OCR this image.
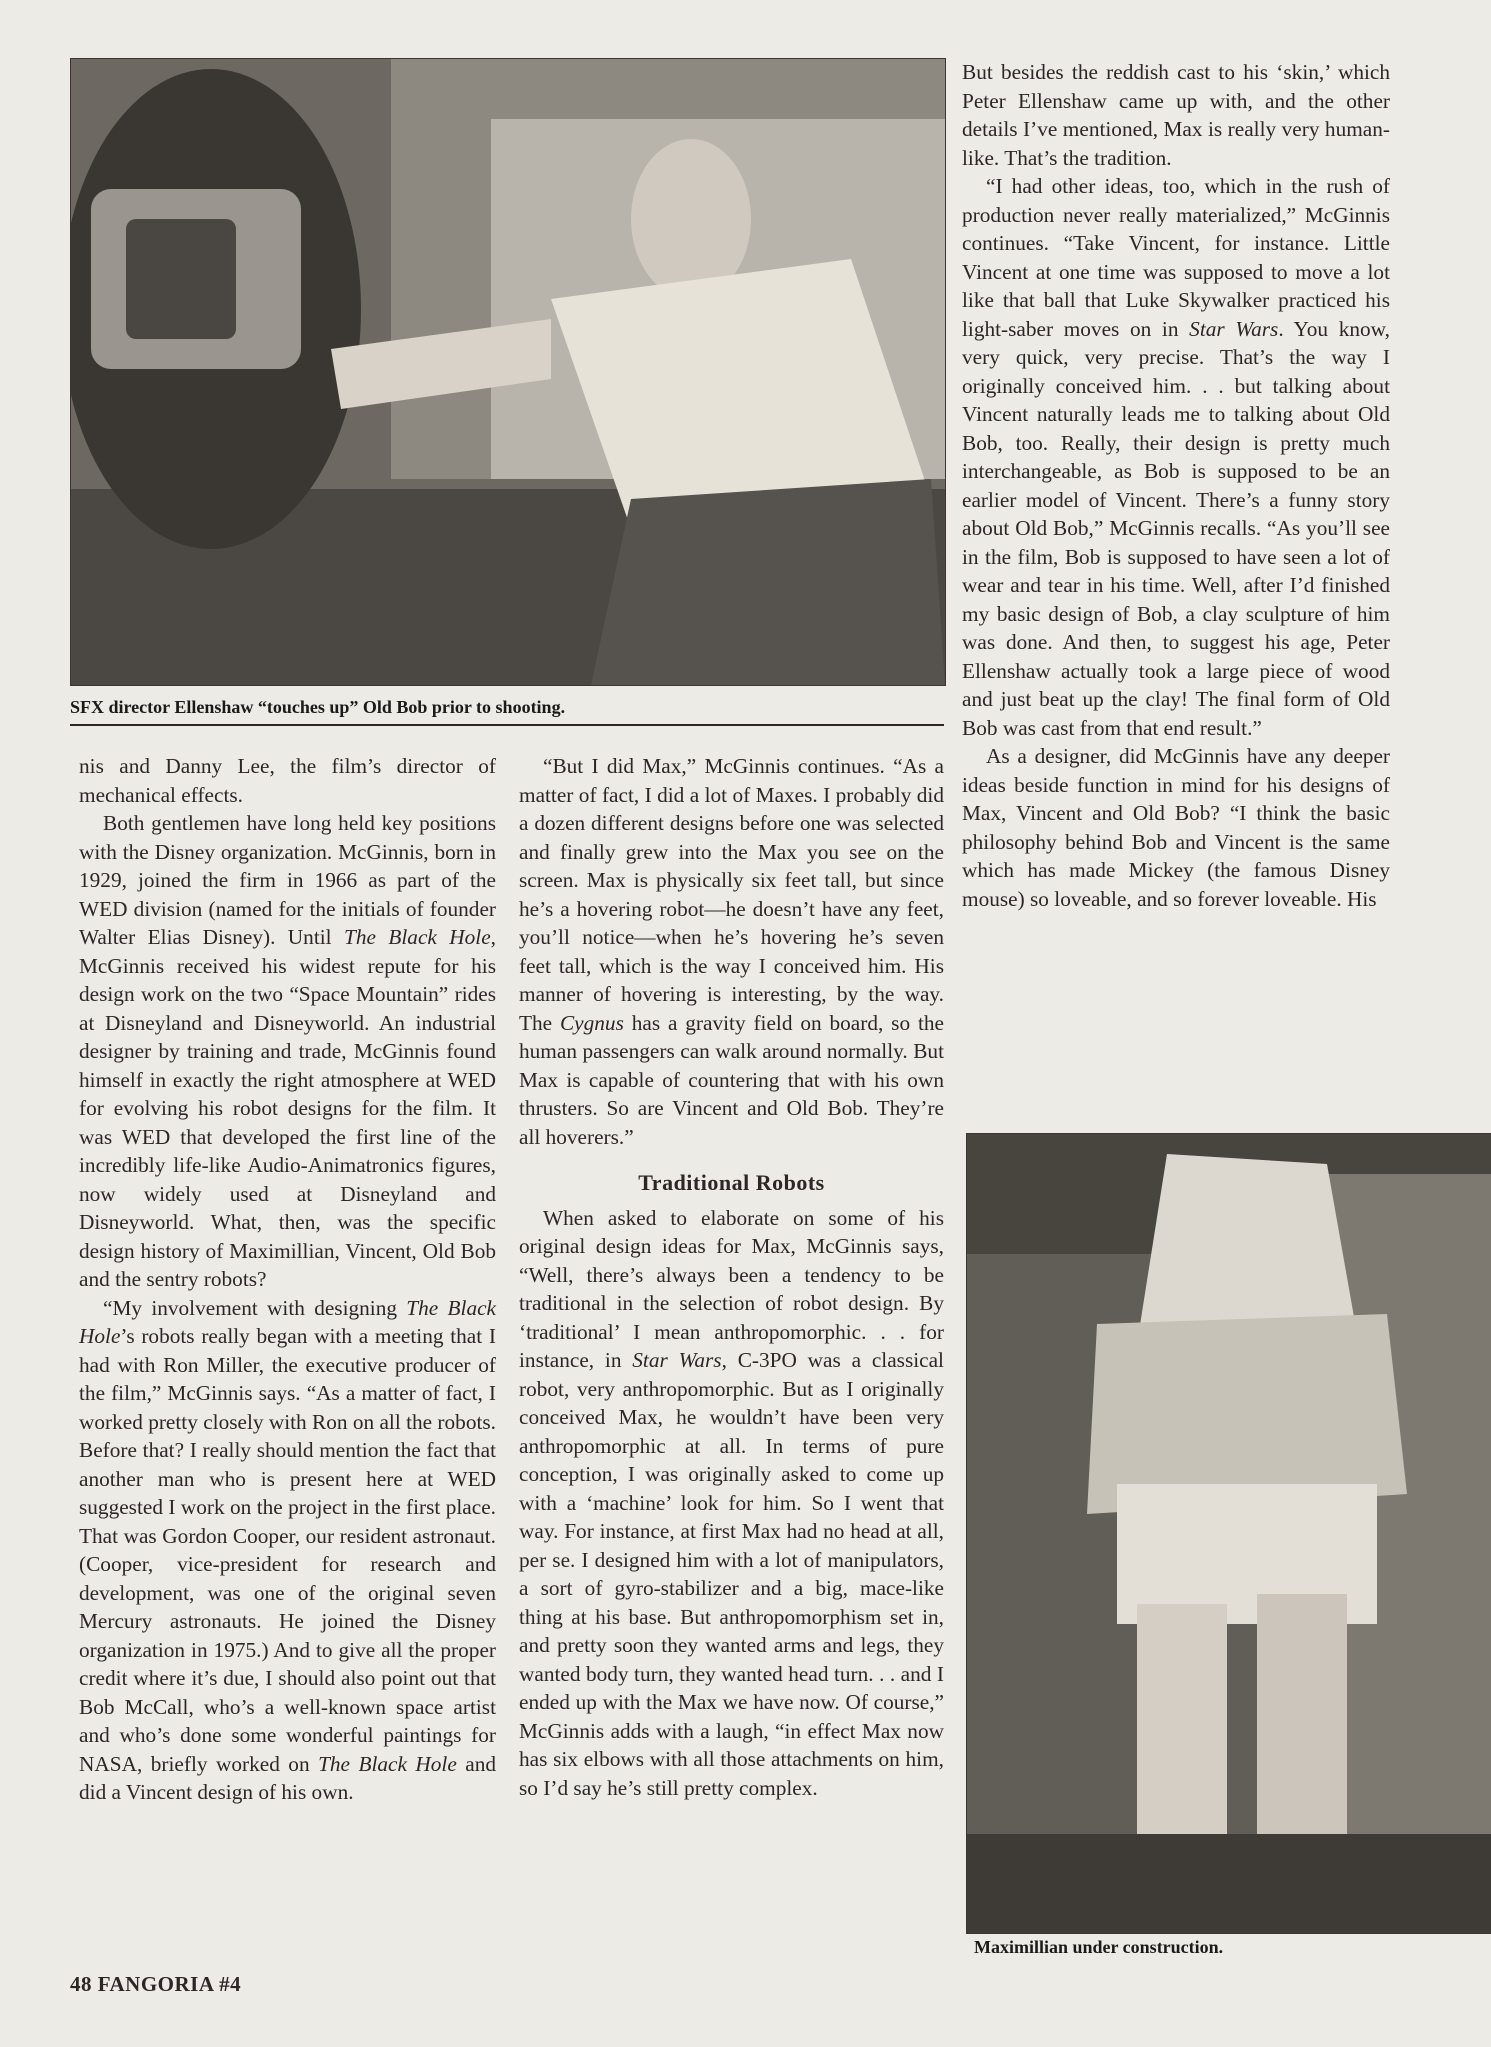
SFX director Ellenshaw “touches up” Old Bob prior to shooting.
Maximillian under construction.

nis and Danny Lee, the film’s director of mechanical effects.

Both gentlemen have long held key positions with the Disney organization. McGinnis, born in 1929, joined the firm in 1966 as part of the WED division (named for the initials of founder Walter Elias Disney). Until The Black Hole, McGinnis received his widest repute for his design work on the two “Space Mountain” rides at Disneyland and Disneyworld. An industrial designer by training and trade, McGinnis found himself in exactly the right atmosphere at WED for evolving his robot designs for the film. It was WED that developed the first line of the incredibly life-like Audio-Animatronics figures, now widely used at Disneyland and Disneyworld. What, then, was the specific design history of Maximillian, Vincent, Old Bob and the sentry robots?

“My involvement with designing The Black Hole’s robots really began with a meeting that I had with Ron Miller, the executive producer of the film,” McGinnis says. “As a matter of fact, I worked pretty closely with Ron on all the robots. Before that? I really should mention the fact that another man who is present here at WED suggested I work on the project in the first place. That was Gordon Cooper, our resident astronaut. (Cooper, vice-president for research and development, was one of the original seven Mercury astronauts. He joined the Disney organization in 1975.) And to give all the proper credit where it’s due, I should also point out that Bob McCall, who’s a well-known space artist and who’s done some wonderful paintings for NASA, briefly worked on The Black Hole and did a Vincent design of his own.

“But I did Max,” McGinnis continues. “As a matter of fact, I did a lot of Maxes. I probably did a dozen different designs before one was selected and finally grew into the Max you see on the screen. Max is physically six feet tall, but since he’s a hovering robot—he doesn’t have any feet, you’ll notice—when he’s hovering he’s seven feet tall, which is the way I conceived him. His manner of hovering is interesting, by the way. The Cygnus has a gravity field on board, so the human passengers can walk around normally. But Max is capable of countering that with his own thrusters. So are Vincent and Old Bob. They’re all hoverers.”

Traditional Robots

When asked to elaborate on some of his original design ideas for Max, McGinnis says, “Well, there’s always been a tendency to be traditional in the selection of robot design. By ‘traditional’ I mean anthropomorphic. . . for instance, in Star Wars, C-3PO was a classical robot, very anthropomorphic. But as I originally conceived Max, he wouldn’t have been very anthropomorphic at all. In terms of pure conception, I was originally asked to come up with a ‘machine’ look for him. So I went that way. For instance, at first Max had no head at all, per se. I designed him with a lot of manipulators, a sort of gyro-stabilizer and a big, mace-like thing at his base. But anthropomorphism set in, and pretty soon they wanted arms and legs, they wanted body turn, they wanted head turn. . . and I ended up with the Max we have now. Of course,” McGinnis adds with a laugh, “in effect Max now has six elbows with all those attachments on him, so I’d say he’s still pretty complex.

But besides the reddish cast to his ‘skin,’ which Peter Ellenshaw came up with, and the other details I’ve mentioned, Max is really very human-like. That’s the tradition.

“I had other ideas, too, which in the rush of production never really materialized,” McGinnis continues. “Take Vincent, for instance. Little Vincent at one time was supposed to move a lot like that ball that Luke Skywalker practiced his light-saber moves on in Star Wars. You know, very quick, very precise. That’s the way I originally conceived him. . . but talking about Vincent naturally leads me to talking about Old Bob, too. Really, their design is pretty much interchangeable, as Bob is supposed to be an earlier model of Vincent. There’s a funny story about Old Bob,” McGinnis recalls. “As you’ll see in the film, Bob is supposed to have seen a lot of wear and tear in his time. Well, after I’d finished my basic design of Bob, a clay sculpture of him was done. And then, to suggest his age, Peter Ellenshaw actually took a large piece of wood and just beat up the clay! The final form of Old Bob was cast from that end result.”

As a designer, did McGinnis have any deeper ideas beside function in mind for his designs of Max, Vincent and Old Bob? “I think the basic philosophy behind Bob and Vincent is the same which has made Mickey (the famous Disney mouse) so loveable, and so forever loveable. His

48 FANGORIA #4
